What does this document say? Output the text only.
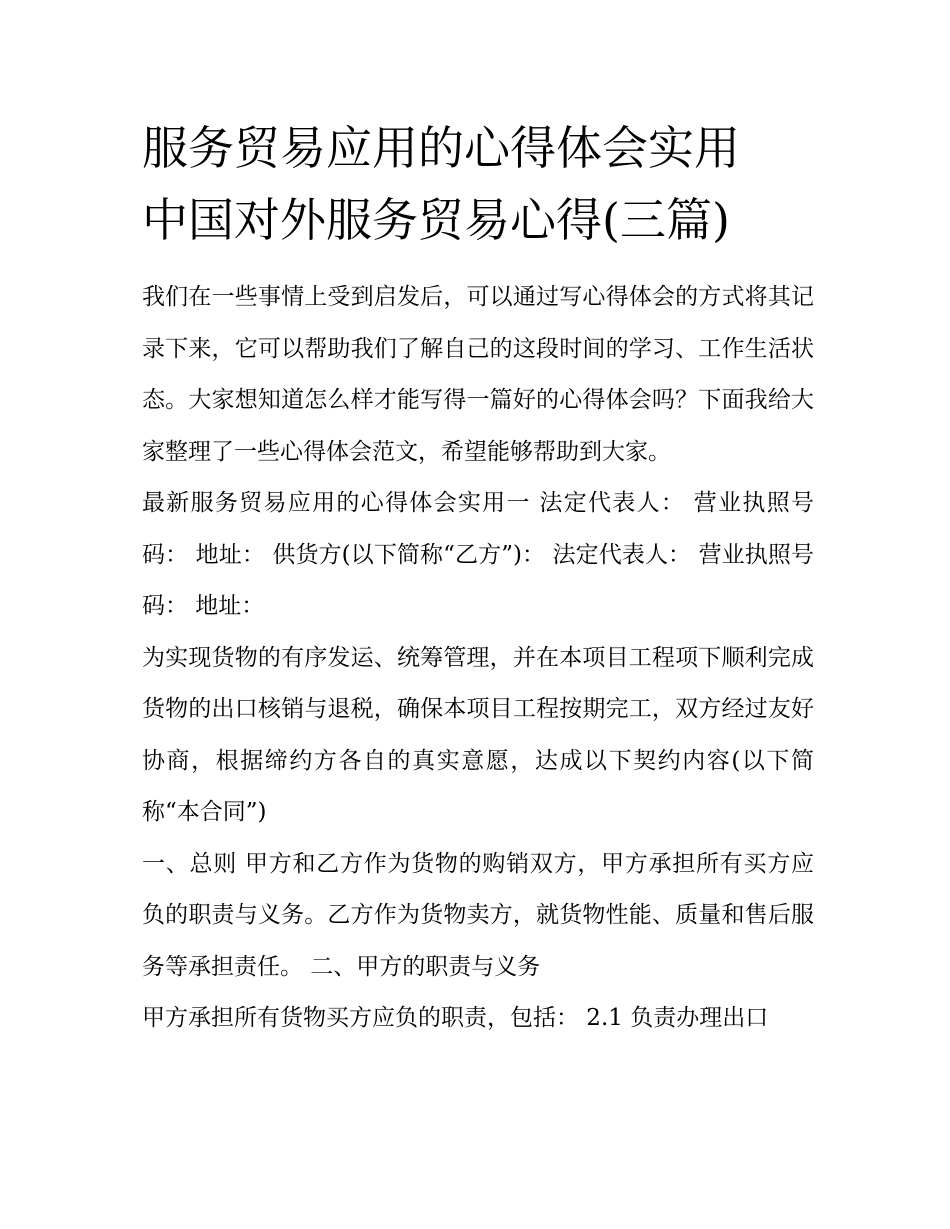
服务贸易应用的心得体会实用
中国对外服务贸易心得(三篇)

我们在一些事情上受到启发后，可以通过写心得体会的方式将其记录下来，它可以帮助我们了解自己的这段时间的学习、工作生活状态。大家想知道怎么样才能写得一篇好的心得体会吗？下面我给大家整理了一些心得体会范文，希望能够帮助到大家。

最新服务贸易应用的心得体会实用一 法定代表人： 营业执照号码： 地址： 供货方(以下简称“乙方”)： 法定代表人： 营业执照号码： 地址：

为实现货物的有序发运、统筹管理，并在本项目工程项下顺利完成货物的出口核销与退税，确保本项目工程按期完工，双方经过友好协商，根据缔约方各自的真实意愿，达成以下契约内容(以下简称“本合同”)

一、总则 甲方和乙方作为货物的购销双方，甲方承担所有买方应负的职责与义务。乙方作为货物卖方，就货物性能、质量和售后服务等承担责任。 二、甲方的职责与义务

甲方承担所有货物买方应负的职责，包括： 2.1 负责办理出口
